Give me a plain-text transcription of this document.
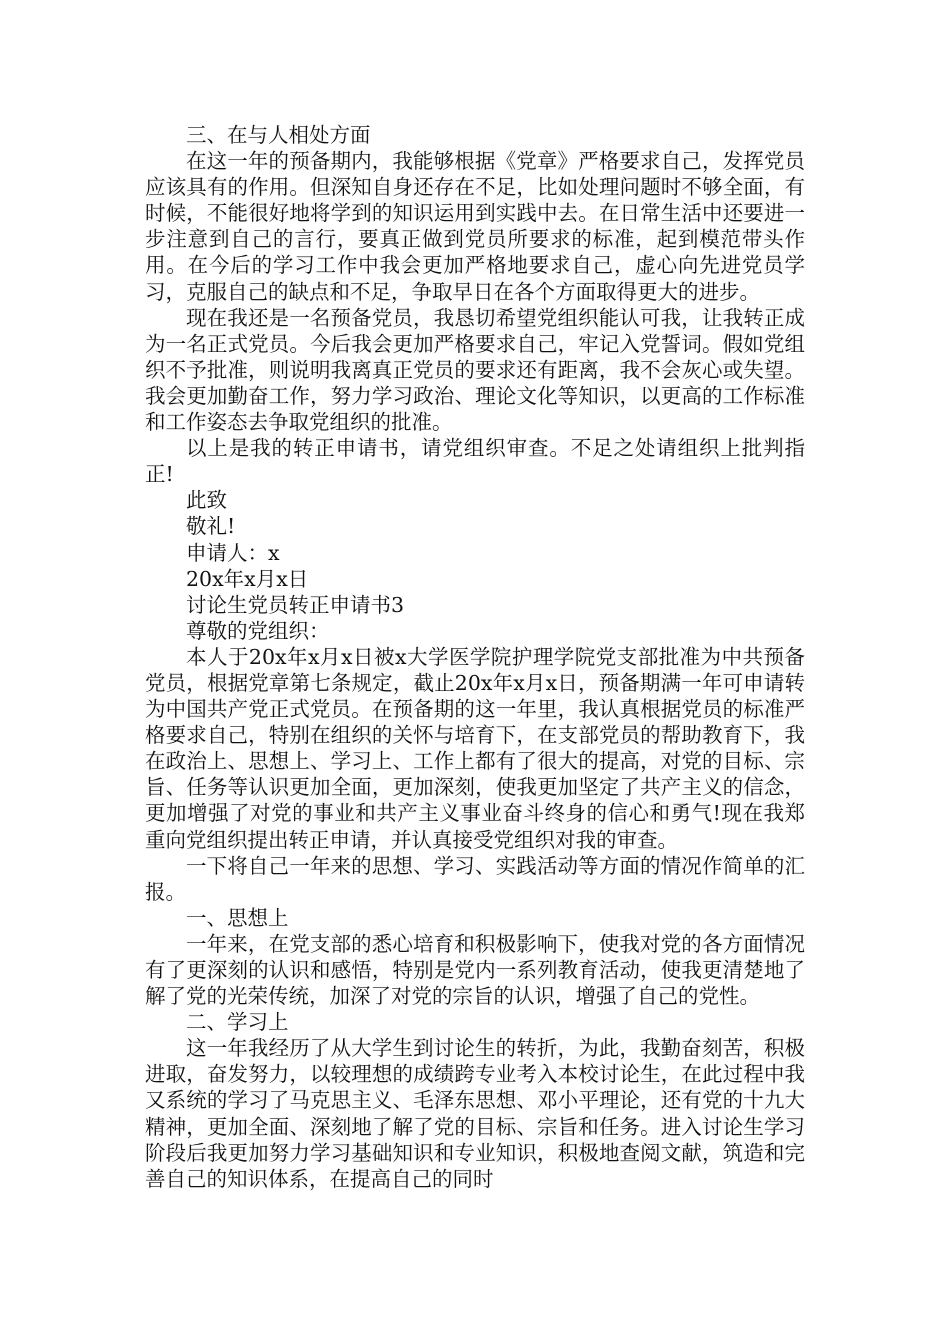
三、在与人相处方面

在这一年的预备期内，我能够根据《党章》严格要求自己，发挥党员应该具有的作用。但深知自身还存在不足，比如处理问题时不够全面，有时候，不能很好地将学到的知识运用到实践中去。在日常生活中还要进一步注意到自己的言行，要真正做到党员所要求的标准，起到模范带头作用。在今后的学习工作中我会更加严格地要求自己，虚心向先进党员学习，克服自己的缺点和不足，争取早日在各个方面取得更大的进步。

现在我还是一名预备党员，我恳切希望党组织能认可我，让我转正成为一名正式党员。今后我会更加严格要求自己，牢记入党誓词。假如党组织不予批准，则说明我离真正党员的要求还有距离，我不会灰心或失望。我会更加勤奋工作，努力学习政治、理论文化等知识，以更高的工作标准和工作姿态去争取党组织的批准。

以上是我的转正申请书，请党组织审查。不足之处请组织上批判指正!

此致

敬礼!

申请人：x

20x年x月x日

讨论生党员转正申请书3

尊敬的党组织：

本人于20x年x月x日被x大学医学院护理学院党支部批准为中共预备党员，根据党章第七条规定，截止20x年x月x日，预备期满一年可申请转为中国共产党正式党员。在预备期的这一年里，我认真根据党员的标准严格要求自己，特别在组织的关怀与培育下，在支部党员的帮助教育下，我在政治上、思想上、学习上、工作上都有了很大的提高，对党的目标、宗旨、任务等认识更加全面，更加深刻，使我更加坚定了共产主义的信念，更加增强了对党的事业和共产主义事业奋斗终身的信心和勇气!现在我郑重向党组织提出转正申请，并认真接受党组织对我的审查。

一下将自己一年来的思想、学习、实践活动等方面的情况作简单的汇报。

一、思想上

一年来，在党支部的悉心培育和积极影响下，使我对党的各方面情况有了更深刻的认识和感悟，特别是党内一系列教育活动，使我更清楚地了解了党的光荣传统，加深了对党的宗旨的认识，增强了自己的党性。

二、学习上

这一年我经历了从大学生到讨论生的转折，为此，我勤奋刻苦，积极进取，奋发努力，以较理想的成绩跨专业考入本校讨论生，在此过程中我又系统的学习了马克思主义、毛泽东思想、邓小平理论，还有党的十九大精神，更加全面、深刻地了解了党的目标、宗旨和任务。进入讨论生学习阶段后我更加努力学习基础知识和专业知识，积极地查阅文献，筑造和完善自己的知识体系，在提高自己的同时
